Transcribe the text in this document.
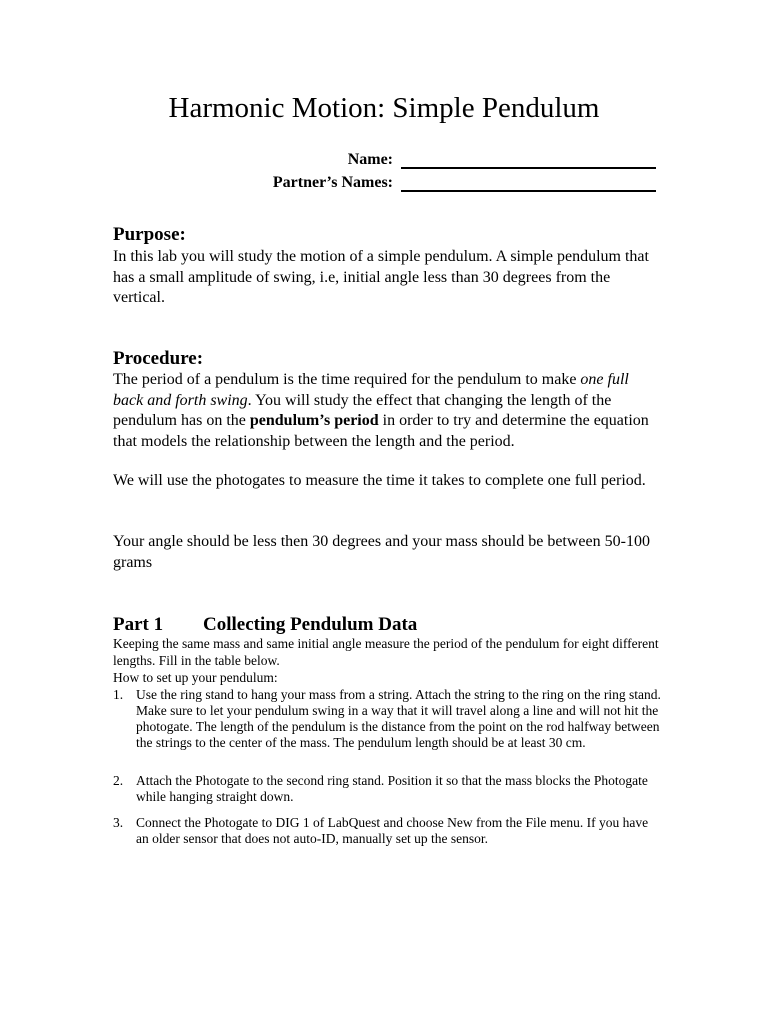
Harmonic Motion: Simple Pendulum
Name:
Partner’s Names:
Purpose:
In this lab you will study the motion of a simple pendulum. A simple pendulum that has a small amplitude of swing, i.e, initial angle less than 30 degrees from the vertical.
Procedure:
The period of a pendulum is the time required for the pendulum to make one full back and forth swing. You will study the effect that changing the length of the pendulum has on the pendulum’s period in order to try and determine the equation that models the relationship between the length and the period.
We will use the photogates to measure the time it takes to complete one full period.
Your angle should be less then 30 degrees and your mass should be between 50-100 grams
Part 1 Collecting Pendulum Data
Keeping the same mass and same initial angle measure the period of the pendulum for eight different lengths. Fill in the table below.
How to set up your pendulum:
1. Use the ring stand to hang your mass from a string. Attach the string to the ring on the ring stand. Make sure to let your pendulum swing in a way that it will travel along a line and will not hit the photogate. The length of the pendulum is the distance from the point on the rod halfway between the strings to the center of the mass. The pendulum length should be at least 30 cm.
2. Attach the Photogate to the second ring stand. Position it so that the mass blocks the Photogate while hanging straight down.
3. Connect the Photogate to DIG 1 of LabQuest and choose New from the File menu. If you have an older sensor that does not auto-ID, manually set up the sensor.
